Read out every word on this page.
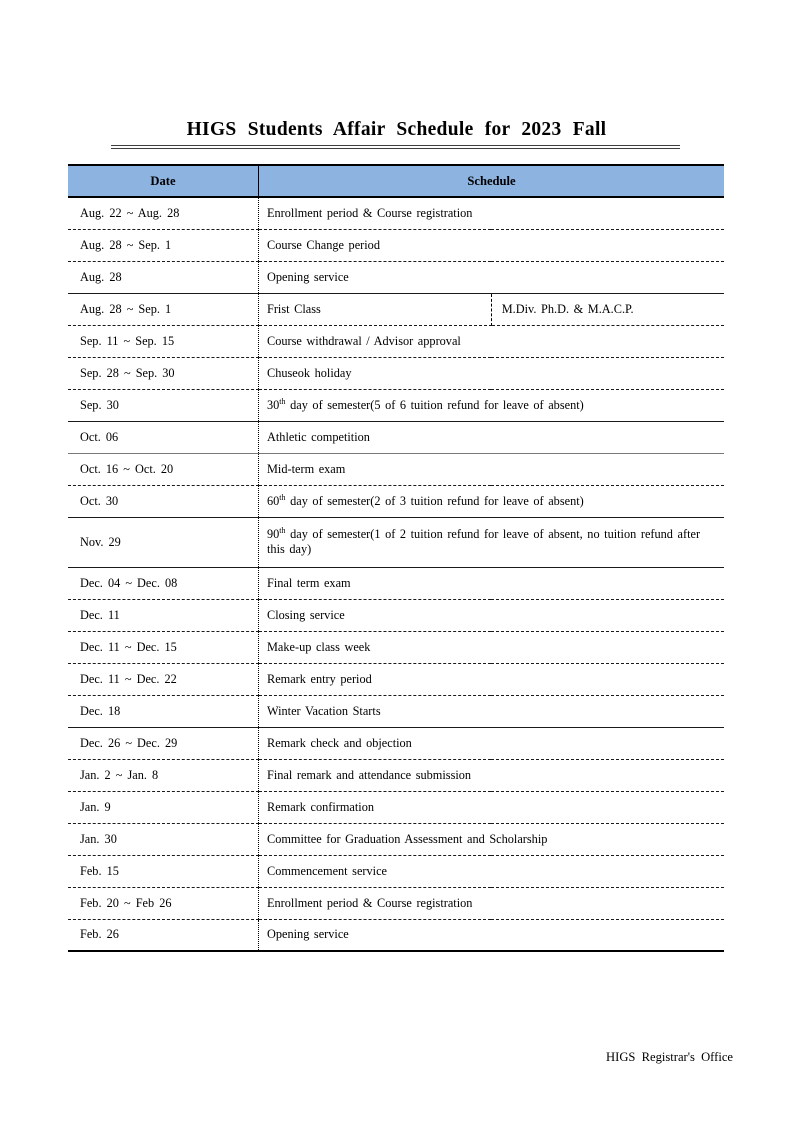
HIGS Students Affair Schedule for 2023 Fall
Date	Schedule	
Aug. 22 ~ Aug. 28	Enrollment period & Course registration	
Aug. 28 ~ Sep. 1	Course Change period	
Aug. 28	Opening service	
Aug. 28 ~ Sep. 1	Frist Class	M.Div. Ph.D. & M.A.C.P.
Sep. 11 ~ Sep. 15	Course withdrawal / Advisor approval	
Sep. 28 ~ Sep. 30	Chuseok holiday	
Sep. 30	30th day of semester(5 of 6 tuition refund for leave of absent)	
Oct. 06	Athletic competition	
Oct. 16 ~ Oct. 20	Mid-term exam	
Oct. 30	60th day of semester(2 of 3 tuition refund for leave of absent)	
Nov. 29	90th day of semester(1 of 2 tuition refund for leave of absent, no tuition refund after this day)	
Dec. 04 ~ Dec. 08	Final term exam	
Dec. 11	Closing service	
Dec. 11 ~ Dec. 15	Make-up class week	
Dec. 11 ~ Dec. 22	Remark entry period	
Dec. 18	Winter Vacation Starts	
Dec. 26 ~ Dec. 29	Remark check and objection	
Jan. 2 ~ Jan. 8	Final remark and attendance submission	
Jan. 9	Remark confirmation	
Jan. 30	Committee for Graduation Assessment and Scholarship	
Feb. 15	Commencement service	
Feb. 20 ~ Feb 26	Enrollment period & Course registration	
Feb. 26	Opening service	
HIGS Registrar's Office
